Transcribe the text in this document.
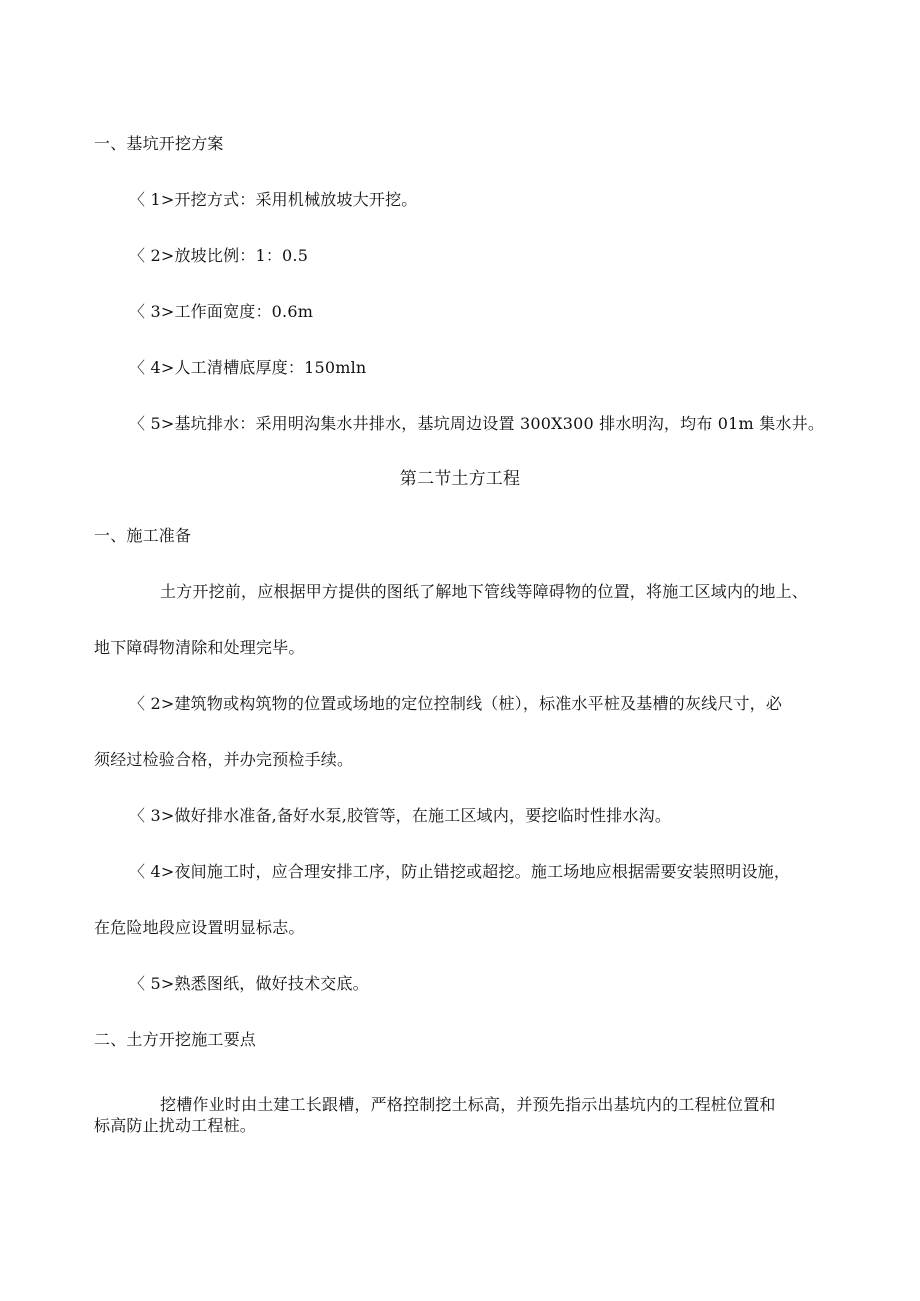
一、基坑开挖方案
〈 1>开挖方式：采用机械放坡大开挖。
〈 2>放坡比例：1：0.5
〈 3>工作面宽度：0.6m
〈 4>人工清槽底厚度：150mln
〈 5>基坑排水：采用明沟集水井排水，基坑周边设置 300X300 排水明沟，均布 01m 集水井。
第二节土方工程
一、施工准备
土方开挖前，应根据甲方提供的图纸了解地下管线等障碍物的位置，将施工区域内的地上、
地下障碍物清除和处理完毕。
〈 2>建筑物或构筑物的位置或场地的定位控制线（桩），标准水平桩及基槽的灰线尺寸，必
须经过检验合格，并办完预检手续。
〈 3>做好排水准备,备好水泵,胶管等，在施工区域内，要挖临时性排水沟。
〈 4>夜间施工时，应合理安排工序，防止错挖或超挖。施工场地应根据需要安装照明设施，
在危险地段应设置明显标志。
〈 5>熟悉图纸，做好技术交底。
二、土方开挖施工要点
挖槽作业时由土建工长跟槽，严格控制挖土标高，并预先指示出基坑内的工程桩位置和
标高防止扰动工程桩。
